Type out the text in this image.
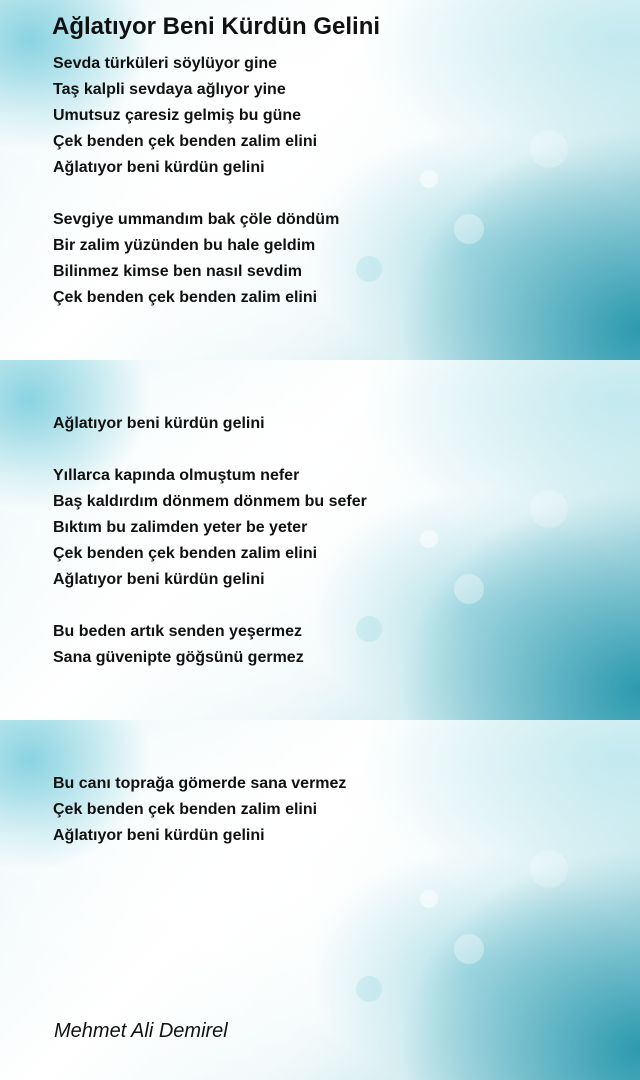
Ağlatıyor Beni Kürdün Gelini
Sevda türküleri söylüyor gine
Taş kalpli sevdaya ağlıyor yine
Umutsuz çaresiz gelmiş bu güne
Çek benden çek benden zalim elini
Ağlatıyor beni kürdün gelini
Sevgiye ummandım bak çöle döndüm
Bir zalim yüzünden bu hale geldim
Bilinmez kimse ben nasıl sevdim
Çek benden çek benden zalim elini
Ağlatıyor beni kürdün gelini
Yıllarca kapında olmuştum nefer
Baş kaldırdım dönmem dönmem bu sefer
Bıktım bu zalimden yeter be yeter
Çek benden çek benden zalim elini
Ağlatıyor beni kürdün gelini
Bu beden artık senden yeşermez
Sana güvenipte göğsünü germez
Bu canı toprağa gömerde sana vermez
Çek benden çek benden zalim elini
Ağlatıyor beni kürdün gelini
Mehmet Ali Demirel
